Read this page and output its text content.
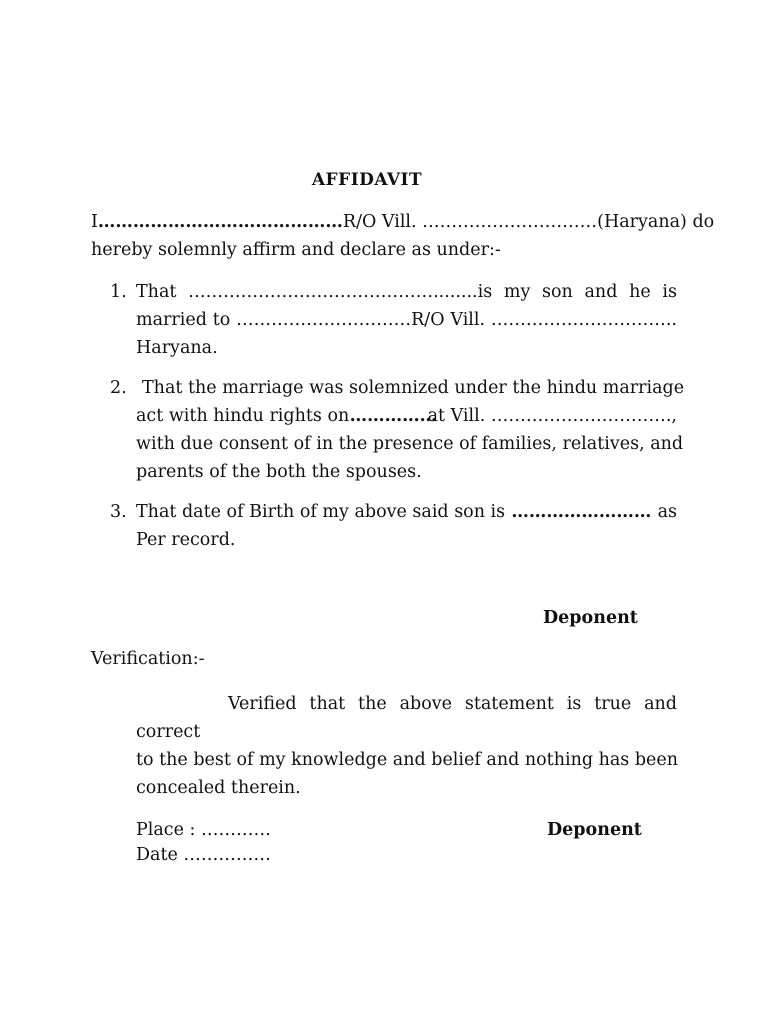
AFFIDAVIT
I …………………………………… R/O Vill. …………………………(Haryana) do
hereby solemnly affirm and declare as under:-
1. That ……………………………………........is my son and he is
married to …………………………R/O Vill. …………………………..
Haryana.
2. That the marriage was solemnized under the hindu marriage
act with hindu rights on ……………
at Vill. ………………………….,
with due consent of in the presence of families, relatives, and
parents of the both the spouses.
3. That date of Birth of my above said son is …………………… as
Per record.
Deponent
Verification:-
Verified that the above statement is true and correct
to the best of my knowledge and belief and nothing has been
concealed therein.
Place : …………
Date ……………
Deponent
